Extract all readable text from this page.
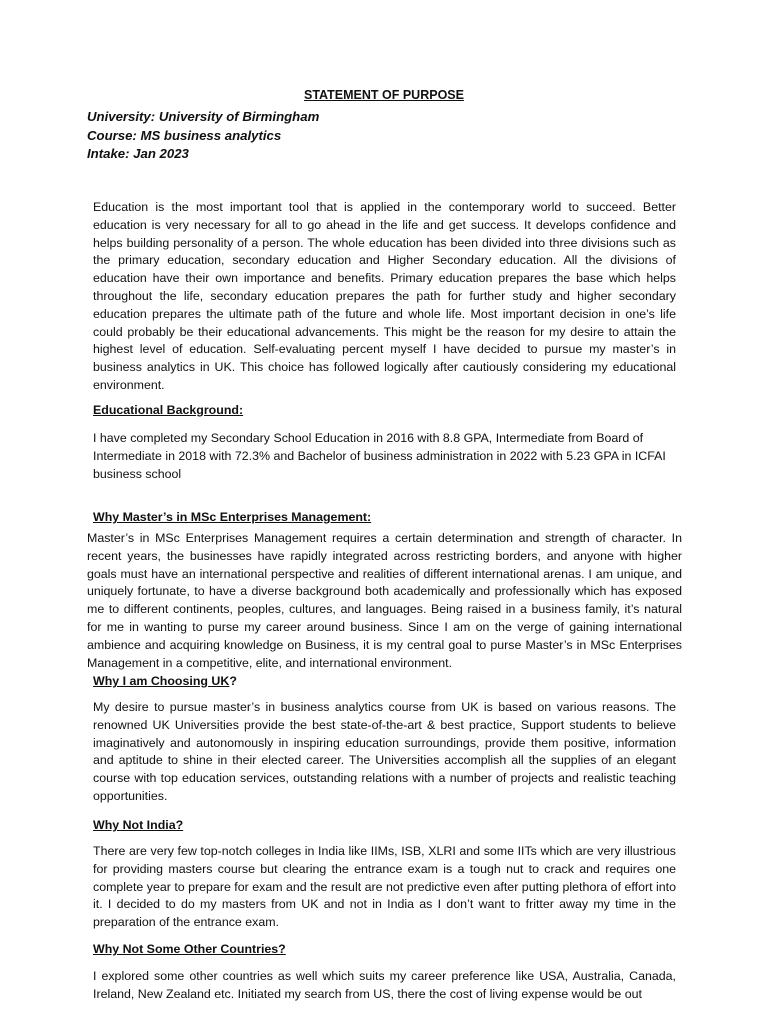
STATEMENT OF PURPOSE

University: University of Birmingham
Course: MS business analytics
Intake: Jan 2023

Education is the most important tool that is applied in the contemporary world to succeed. Better education is very necessary for all to go ahead in the life and get success. It develops confidence and helps building personality of a person. The whole education has been divided into three divisions such as the primary education, secondary education and Higher Secondary education. All the divisions of education have their own importance and benefits. Primary education prepares the base which helps throughout the life, secondary education prepares the path for further study and higher secondary education prepares the ultimate path of the future and whole life. Most important decision in one’s life could probably be their educational advancements. This might be the reason for my desire to attain the highest level of education. Self-evaluating percent myself I have decided to pursue my master’s in business analytics in UK. This choice has followed logically after cautiously considering my educational environment.

Educational Background:

I have completed my Secondary School Education in 2016 with 8.8 GPA, Intermediate from Board of Intermediate in 2018 with 72.3% and Bachelor of business administration in 2022 with 5.23 GPA in ICFAI business school

Why Master’s in MSc Enterprises Management:

Master’s in MSc Enterprises Management requires a certain determination and strength of character. In recent years, the businesses have rapidly integrated across restricting borders, and anyone with higher goals must have an international perspective and realities of different international arenas. I am unique, and uniquely fortunate, to have a diverse background both academically and professionally which has exposed me to different continents, peoples, cultures, and languages. Being raised in a business family, it’s natural for me in wanting to purse my career around business. Since I am on the verge of gaining international ambience and acquiring knowledge on Business, it is my central goal to purse Master’s in MSc Enterprises Management in a competitive, elite, and international environment.

Why I am Choosing UK?

My desire to pursue master’s in business analytics course from UK is based on various reasons. The renowned UK Universities provide the best state-of-the-art & best practice, Support students to believe imaginatively and autonomously in inspiring education surroundings, provide them positive, information and aptitude to shine in their elected career. The Universities accomplish all the supplies of an elegant course with top education services, outstanding relations with a number of projects and realistic teaching opportunities.

Why Not India?

There are very few top-notch colleges in India like IIMs, ISB, XLRI and some IITs which are very illustrious for providing masters course but clearing the entrance exam is a tough nut to crack and requires one complete year to prepare for exam and the result are not predictive even after putting plethora of effort into it. I decided to do my masters from UK and not in India as I don’t want to fritter away my time in the preparation of the entrance exam.

Why Not Some Other Countries?

I explored some other countries as well which suits my career preference like USA, Australia, Canada, Ireland, New Zealand etc. Initiated my search from US, there the cost of living expense would be out
